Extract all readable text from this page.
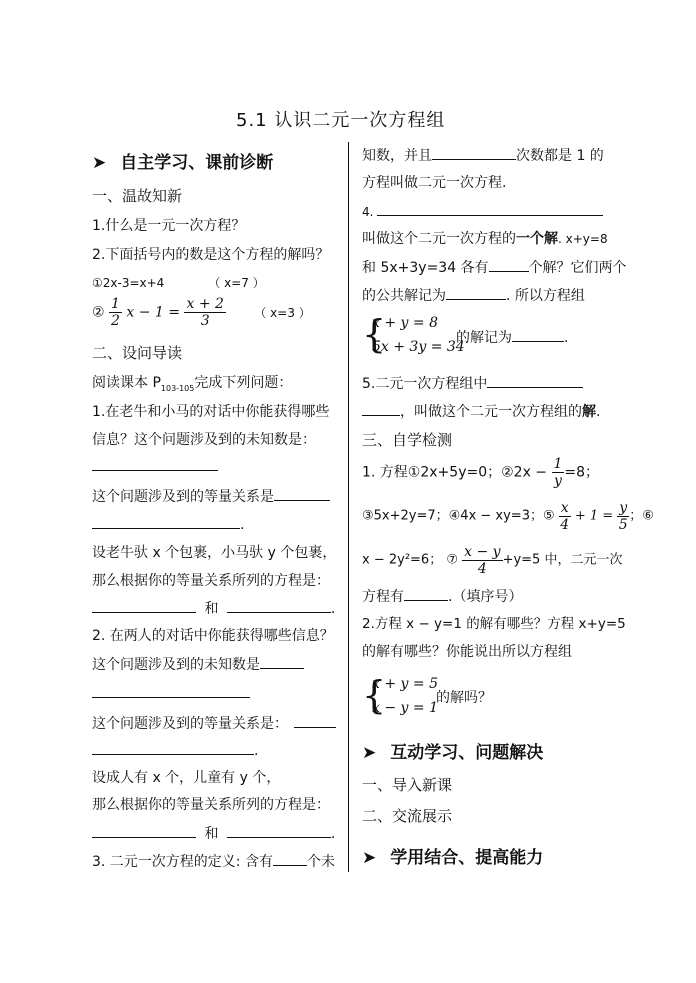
5.1 认识二元一次方程组
➤ 自主学习、课前诊断
一、温故知新
1.什么是一元一次方程？
2.下面括号内的数是这个方程的解吗？
①2x-3=x+4	（ x=7 ）
② $\frac{1}{2}$ $x - 1 = \frac{x + 2}{3}$ （ x=3 ）
二、设问导读
阅读课本 $P_{103-105}$完成下列问题：
1.在老牛和小马的对话中你能获得哪些
信息？这个问题涉及到的未知数是：
这个问题涉及到的等量关系是
.
设老牛驮 x 个包裹，小马驮 y 个包裹，
那么根据你的等量关系所列的方程是：
和	.
2. 在两人的对话中你能获得哪些信息？
这个问题涉及到的未知数是
这个问题涉及到的等量关系是：
.
设成人有 x 个，儿童有 y 个，
那么根据你的等量关系所列的方程是：
和	.
3. 二元一次方程的定义: 含有 个未
知数，并且	次数都是 1 的
方程叫做二元一次方程.
4.
叫做这个二元一次方程的一个解. x+y=8
和 5x+3y=34 各有	个解？它们两个
的公共解记为	. 所以方程组
{
x + y = 8
5x + 3y = 34
的解记为	.
5.二元一次方程组中
，叫做这个二元一次方程组的解.
三、自学检测
1. 方程①2x+5y=0；②2x − $\frac{1}{y} =8$；
③5x+2y=7；④4x − xy=3；⑤ $\frac{x}{4} + 1 = \frac{y}{5}$ ；⑥
x − 2y²=6； ⑦ $\frac{x - y}{4} +y=5$ 中，二元一次
方程有	.（填序号）
2.方程 x − y=1 的解有哪些？方程 x+y=5
的解有哪些？你能说出所以方程组
{
x + y = 5
x − y = 1
的解吗？
➤ 互动学习、问题解决
一、导入新课
二、交流展示
➤ 学用结合、提高能力
